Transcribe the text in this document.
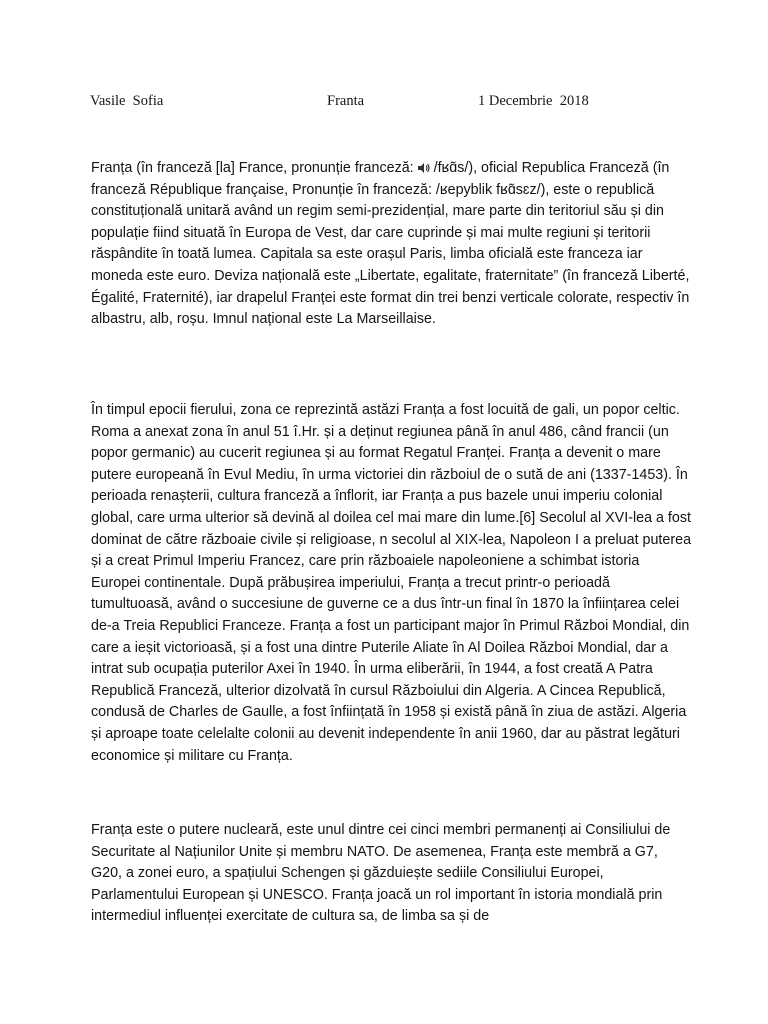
Vasile  Sofia	Franta	1 Decembrie  2018

Franța (în franceză [la] France, pronunție franceză:  /fʁɑ̃s/), oficial Republica Franceză (în franceză République française, Pronunție în franceză: /ʁepyblik fʁɑ̃sɛz/), este o republică constituțională unitară având un regim semi-prezidențial, mare parte din teritoriul său și din populație fiind situată în Europa de Vest, dar care cuprinde și mai multe regiuni și teritorii răspândite în toată lumea. Capitala sa este orașul Paris, limba oficială este franceza iar moneda este euro. Deviza națională este „Libertate, egalitate, fraternitate” (în franceză Liberté, Égalité, Fraternité), iar drapelul Franței este format din trei benzi verticale colorate, respectiv în albastru, alb, roșu. Imnul național este La Marseillaise.

În timpul epocii fierului, zona ce reprezintă astăzi Franța a fost locuită de gali, un popor celtic. Roma a anexat zona în anul 51 î.Hr. și a deținut regiunea până în anul 486, când francii (un popor germanic) au cucerit regiunea și au format Regatul Franței. Franța a devenit o mare putere europeană în Evul Mediu, în urma victoriei din războiul de o sută de ani (1337-1453). În perioada renașterii, cultura franceză a înflorit, iar Franța a pus bazele unui imperiu colonial global, care urma ulterior să devină al doilea cel mai mare din lume.[6] Secolul al XVI-lea a fost dominat de către războaie civile și religioase, n secolul al XIX-lea, Napoleon I a preluat puterea și a creat Primul Imperiu Francez, care prin războaiele napoleoniene a schimbat istoria Europei continentale. După prăbușirea imperiului, Franța a trecut printr-o perioadă tumultuoasă, având o succesiune de guverne ce a dus într-un final în 1870 la înființarea celei de-a Treia Republici Franceze. Franța a fost un participant major în Primul Război Mondial, din care a ieșit victorioasă, și a fost una dintre Puterile Aliate în Al Doilea Război Mondial, dar a intrat sub ocupația puterilor Axei în 1940. În urma eliberării, în 1944, a fost creată A Patra Republică Franceză, ulterior dizolvată în cursul Războiului din Algeria. A Cincea Republică, condusă de Charles de Gaulle, a fost înființată în 1958 și există până în ziua de astăzi. Algeria și aproape toate celelalte colonii au devenit independente în anii 1960, dar au păstrat legături economice și militare cu Franța.

Franța este o putere nucleară, este unul dintre cei cinci membri permanenți ai Consiliului de Securitate al Națiunilor Unite și membru NATO. De asemenea, Franța este membră a G7, G20, a zonei euro, a spațiului Schengen și găzduiește sediile Consiliului Europei, Parlamentului European și UNESCO. Franța joacă un rol important în istoria mondială prin intermediul influenței exercitate de cultura sa, de limba sa și de
